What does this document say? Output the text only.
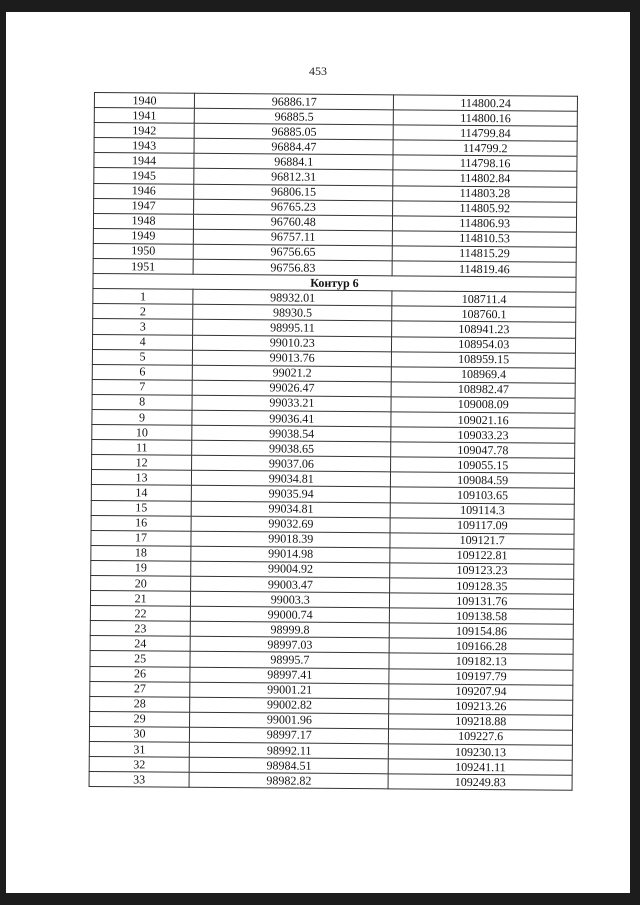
453
1940	96886.17	114800.24
1941	96885.5	114800.16
1942	96885.05	114799.84
1943	96884.47	114799.2
1944	96884.1	114798.16
1945	96812.31	114802.84
1946	96806.15	114803.28
1947	96765.23	114805.92
1948	96760.48	114806.93
1949	96757.11	114810.53
1950	96756.65	114815.29
1951	96756.83	114819.46
Контур 6		
1	98932.01	108711.4
2	98930.5	108760.1
3	98995.11	108941.23
4	99010.23	108954.03
5	99013.76	108959.15
6	99021.2	108969.4
7	99026.47	108982.47
8	99033.21	109008.09
9	99036.41	109021.16
10	99038.54	109033.23
11	99038.65	109047.78
12	99037.06	109055.15
13	99034.81	109084.59
14	99035.94	109103.65
15	99034.81	109114.3
16	99032.69	109117.09
17	99018.39	109121.7
18	99014.98	109122.81
19	99004.92	109123.23
20	99003.47	109128.35
21	99003.3	109131.76
22	99000.74	109138.58
23	98999.8	109154.86
24	98997.03	109166.28
25	98995.7	109182.13
26	98997.41	109197.79
27	99001.21	109207.94
28	99002.82	109213.26
29	99001.96	109218.88
30	98997.17	109227.6
31	98992.11	109230.13
32	98984.51	109241.11
33	98982.82	109249.83
